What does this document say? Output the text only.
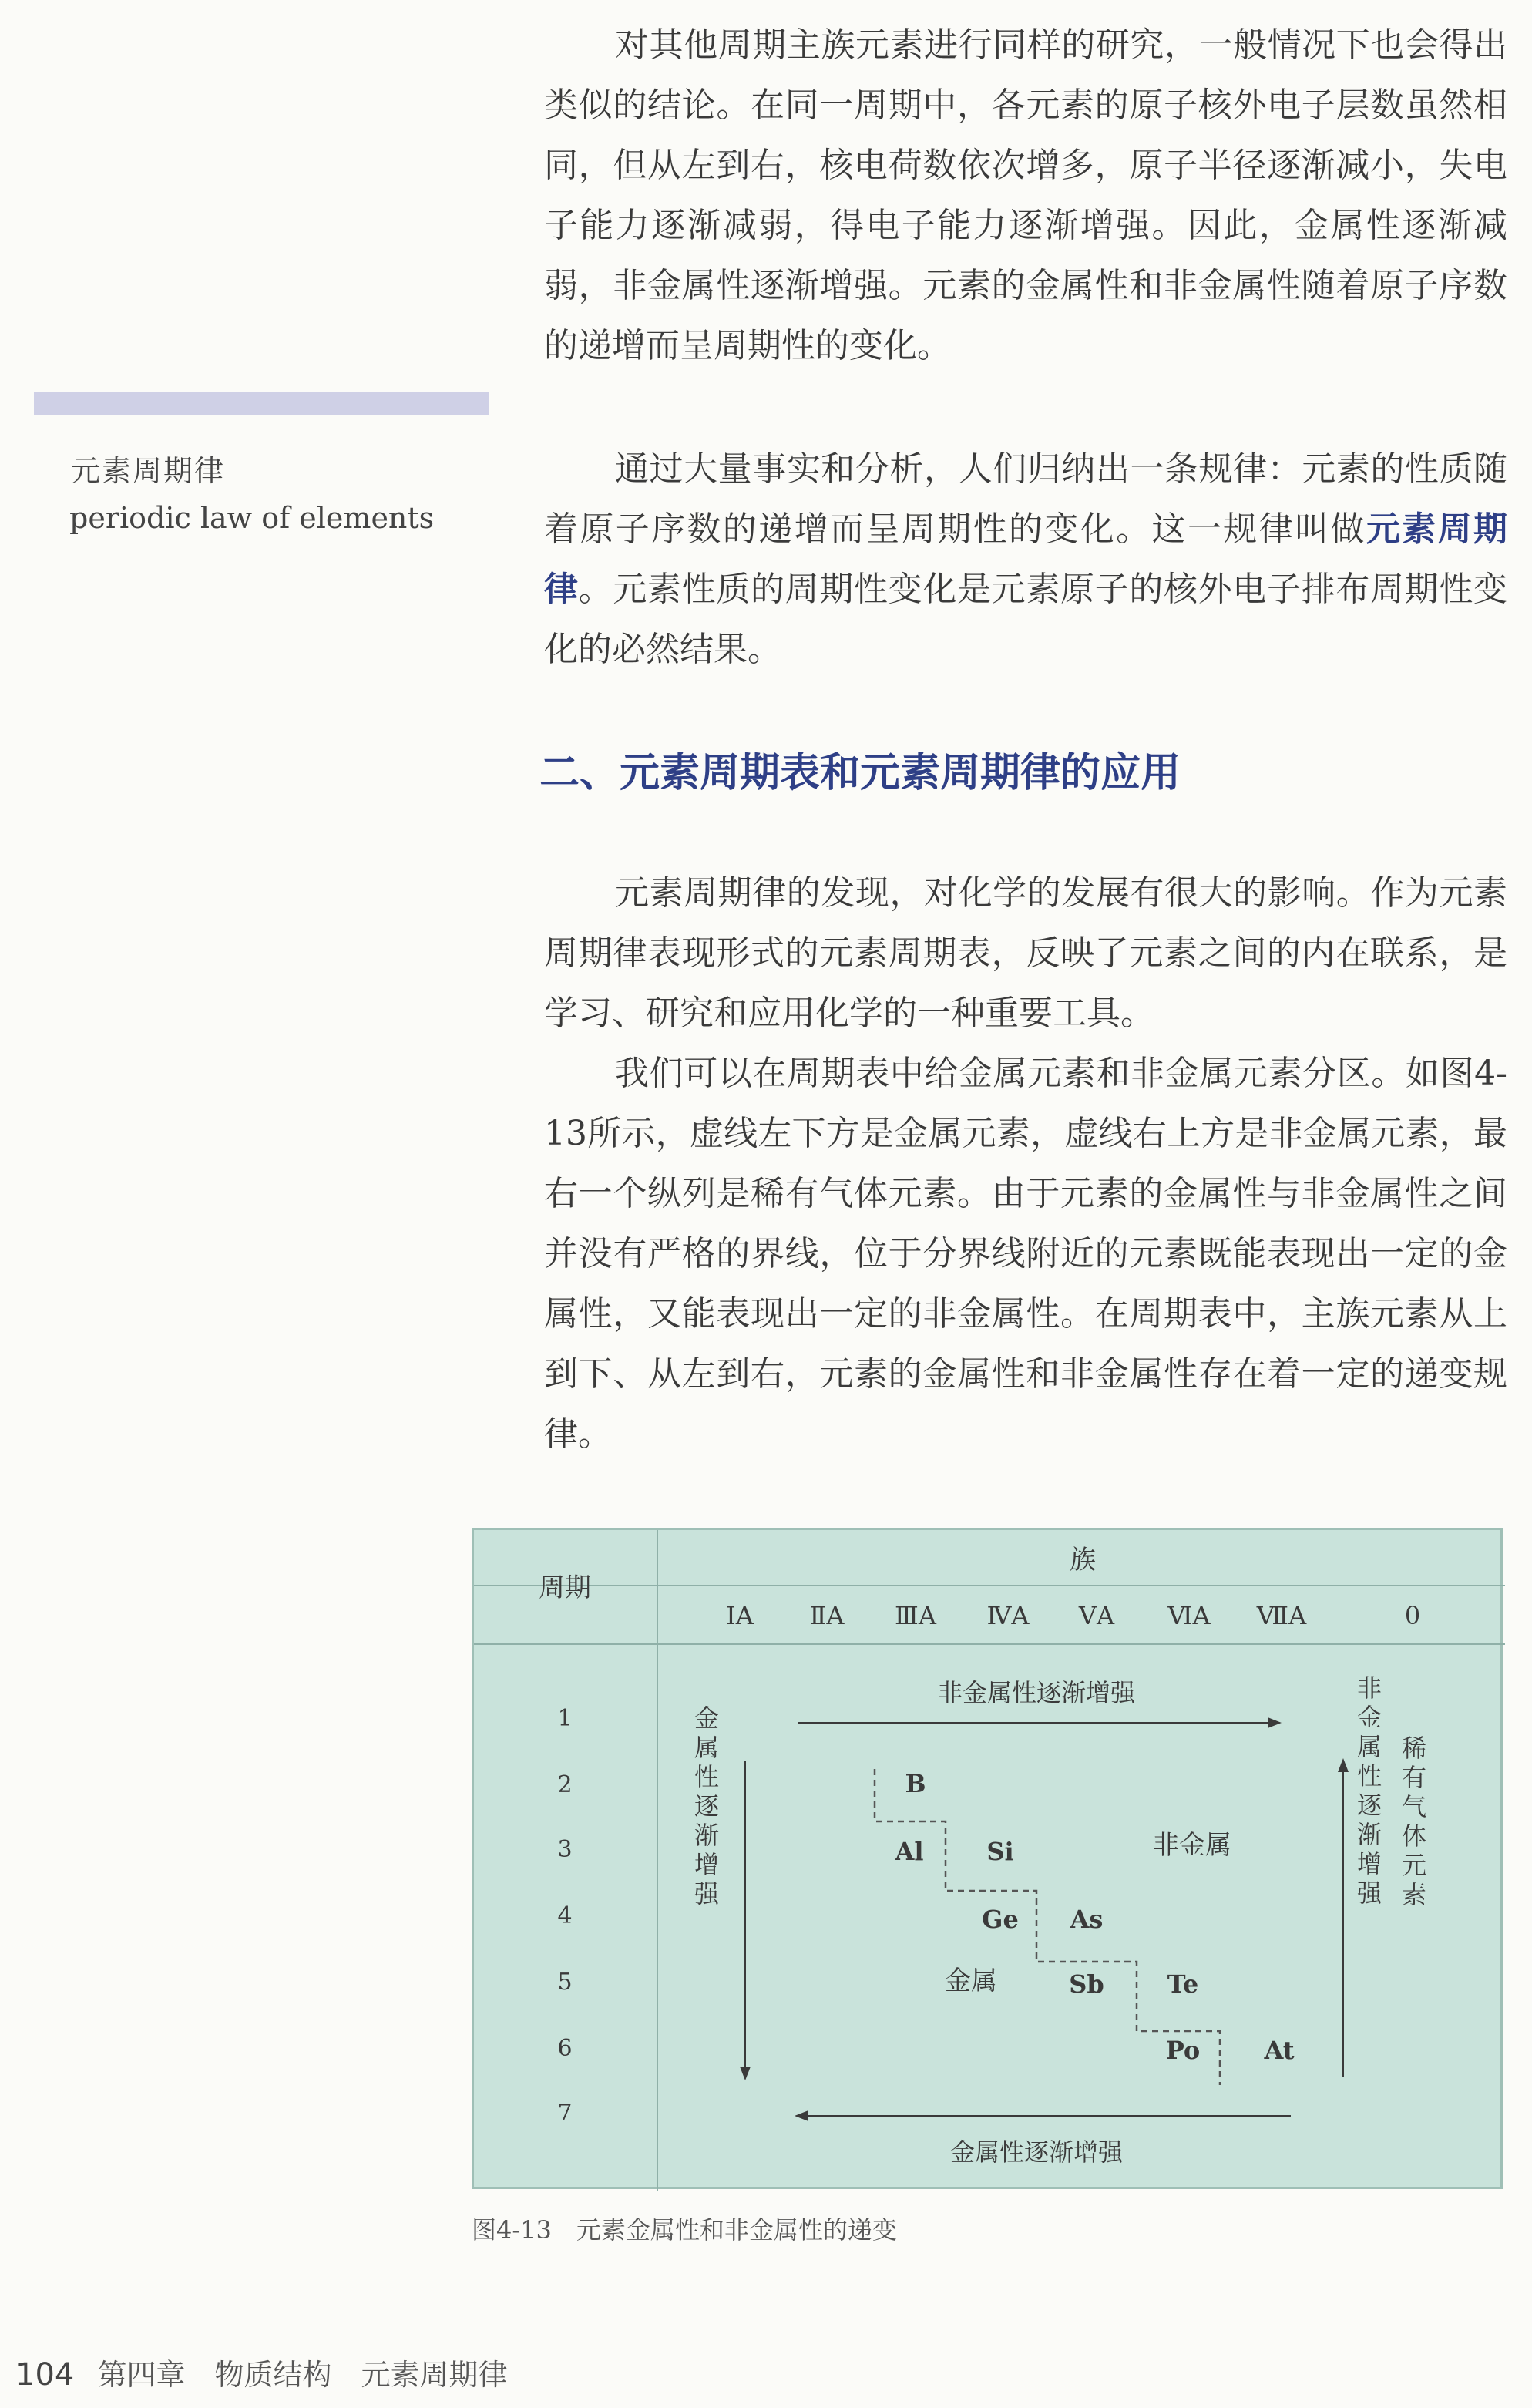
元素周期律
periodic law of elements

对其他周期主族元素进行同样的研究，一般情况下也会得出类似的结论。在同一周期中，各元素的原子核外电子层数虽然相同，但从左到右，核电荷数依次增多，原子半径逐渐减小，失电子能力逐渐减弱，得电子能力逐渐增强。因此，金属性逐渐减弱，非金属性逐渐增强。元素的金属性和非金属性随着原子序数的递增而呈周期性的变化。

通过大量事实和分析，人们归纳出一条规律：元素的性质随着原子序数的递增而呈周期性的变化。这一规律叫做元素周期律。元素性质的周期性变化是元素原子的核外电子排布周期性变化的必然结果。

二、元素周期表和元素周期律的应用

元素周期律的发现，对化学的发展有很大的影响。作为元素周期律表现形式的元素周期表，反映了元素之间的内在联系，是学习、研究和应用化学的一种重要工具。

我们可以在周期表中给金属元素和非金属元素分区。如图4-13所示，虚线左下方是金属元素，虚线右上方是非金属元素，最右一个纵列是稀有气体元素。由于元素的金属性与非金属性之间并没有严格的界线，位于分界线附近的元素既能表现出一定的金属性，又能表现出一定的非金属性。在周期表中，主族元素从上到下、从左到右，元素的金属性和非金属性存在着一定的递变规律。

周期
族
ⅠA ⅡA ⅢA ⅣA ⅤA ⅥA ⅦA	0
1
2
3
4
5
6
7
非金属性逐渐增强
金属性逐渐增强
金属性逐渐增强	非金属性逐渐增强 稀有气体元素
B
Al	Si
Ge As
Sb	Te
Po	At
非金属
金属
图4-13　元素金属性和非金属性的递变
104 第四章　物质结构　元素周期律
